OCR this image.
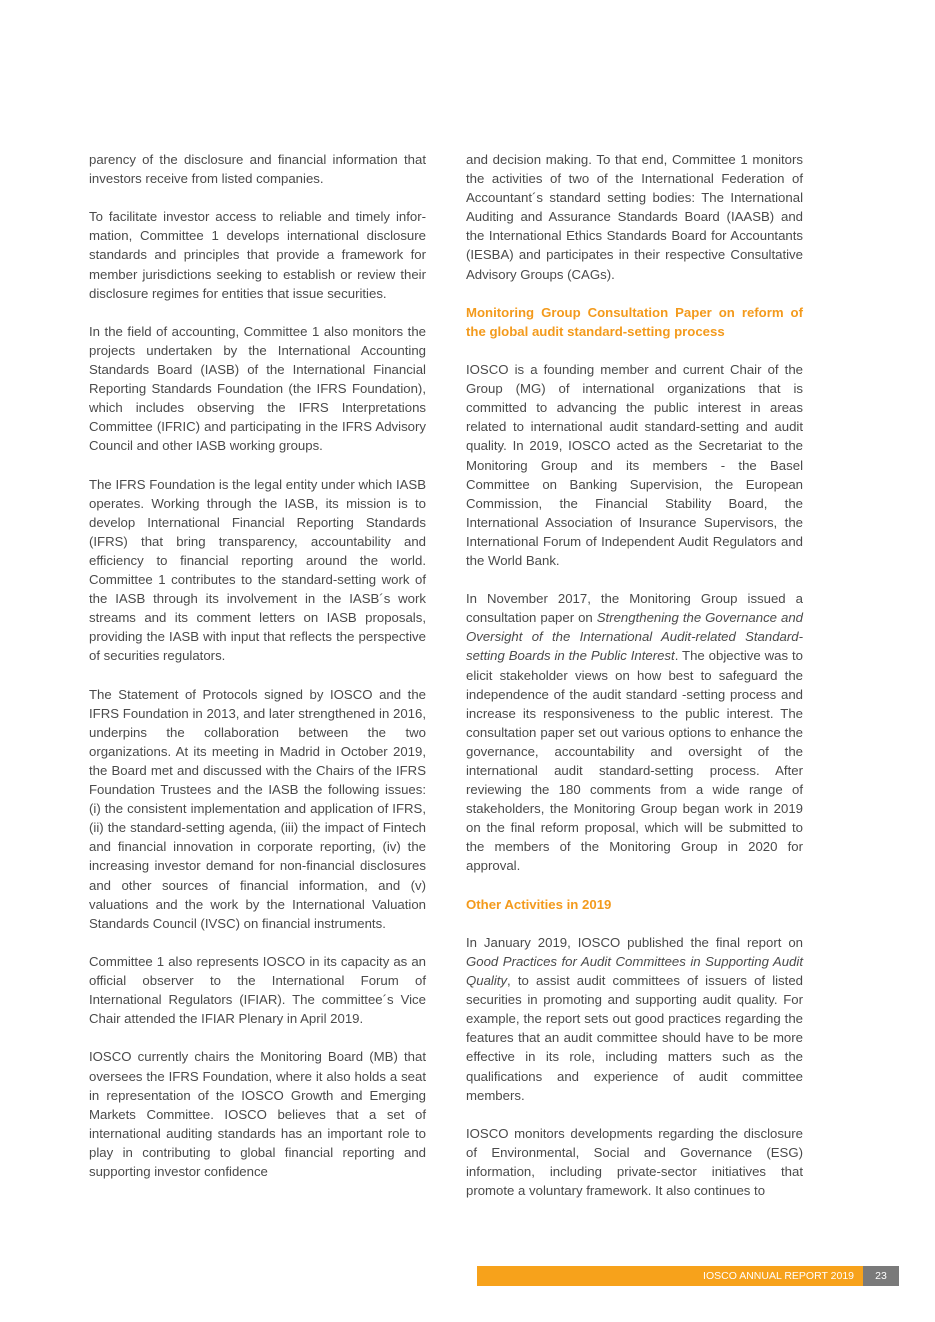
parency of the disclosure and financial information that investors receive from listed companies.

To facilitate investor access to reliable and timely infor-mation, Committee 1 develops international disclosure standards and principles that provide a framework for member jurisdictions seeking to establish or review their disclosure regimes for entities that issue securities.

In the field of accounting, Committee 1 also monitors the projects undertaken by the International Accounting Standards Board (IASB) of the International Financial Reporting Standards Foundation (the IFRS Foundation), which includes observing the IFRS Interpretations Committee (IFRIC) and participating in the IFRS Advisory Council and other IASB working groups.

The IFRS Foundation is the legal entity under which IASB operates. Working through the IASB, its mission is to develop International Financial Reporting Standards (IFRS) that bring transparency, accountability and efficiency to financial reporting around the world. Committee 1 contributes to the standard-setting work of the IASB through its involvement in the IASB´s work streams and its comment letters on IASB proposals, providing the IASB with input that reflects the perspective of securities regulators.

The Statement of Protocols signed by IOSCO and the IFRS Foundation in 2013, and later strengthened in 2016, underpins the collaboration between the two organizations. At its meeting in Madrid in October 2019, the Board met and discussed with the Chairs of the IFRS Foundation Trustees and the IASB the following issues: (i) the consistent implementation and application of IFRS, (ii) the standard-setting agenda, (iii) the impact of Fintech and financial innovation in corporate reporting, (iv) the increasing investor demand for non-financial disclosures and other sources of financial information, and (v) valuations and the work by the International Valuation Standards Council (IVSC) on financial instruments.

Committee 1 also represents IOSCO in its capacity as an official observer to the International Forum of International Regulators (IFIAR). The committee´s Vice Chair attended the IFIAR Plenary in April 2019.

IOSCO currently chairs the Monitoring Board (MB) that oversees the IFRS Foundation, where it also holds a seat in representation of the IOSCO Growth and Emerging Markets Committee. IOSCO believes that a set of international auditing standards has an important role to play in contributing to global financial reporting and supporting investor confidence

and decision making. To that end, Committee 1 monitors the activities of two of the International Federation of Accountant´s standard setting bodies: The International Auditing and Assurance Standards Board (IAASB) and the International Ethics Standards Board for Accountants (IESBA) and participates in their respective Consultative Advisory Groups (CAGs).

Monitoring Group Consultation Paper on reform of the global audit standard-setting process

IOSCO is a founding member and current Chair of the Group (MG) of international organizations that is committed to advancing the public interest in areas related to international audit standard-setting and audit quality. In 2019, IOSCO acted as the Secretariat to the Monitoring Group and its members - the Basel Committee on Banking Supervision, the European Commission, the Financial Stability Board, the International Association of Insurance Supervisors, the International Forum of Independent Audit Regulators and the World Bank.

In November 2017, the Monitoring Group issued a consultation paper on Strengthening the Governance and Oversight of the International Audit-related Standard-setting Boards in the Public Interest. The objective was to elicit stakeholder views on how best to safeguard the independence of the audit standard -setting process and increase its responsiveness to the public interest. The consultation paper set out various options to enhance the governance, accountability and oversight of the international audit standard-setting process. After reviewing the 180 comments from a wide range of stakeholders, the Monitoring Group began work in 2019 on the final reform proposal, which will be submitted to the members of the Monitoring Group in 2020 for approval.

Other Activities in 2019

In January 2019, IOSCO published the final report on Good Practices for Audit Committees in Supporting Audit Quality, to assist audit committees of issuers of listed securities in promoting and supporting audit quality. For example, the report sets out good practices regarding the features that an audit committee should have to be more effective in its role, including matters such as the qualifications and experience of audit committee members.

IOSCO monitors developments regarding the disclosure of Environmental, Social and Governance (ESG) information, including private-sector initiatives that promote a voluntary framework. It also continues to

IOSCO ANNUAL REPORT 2019	23
